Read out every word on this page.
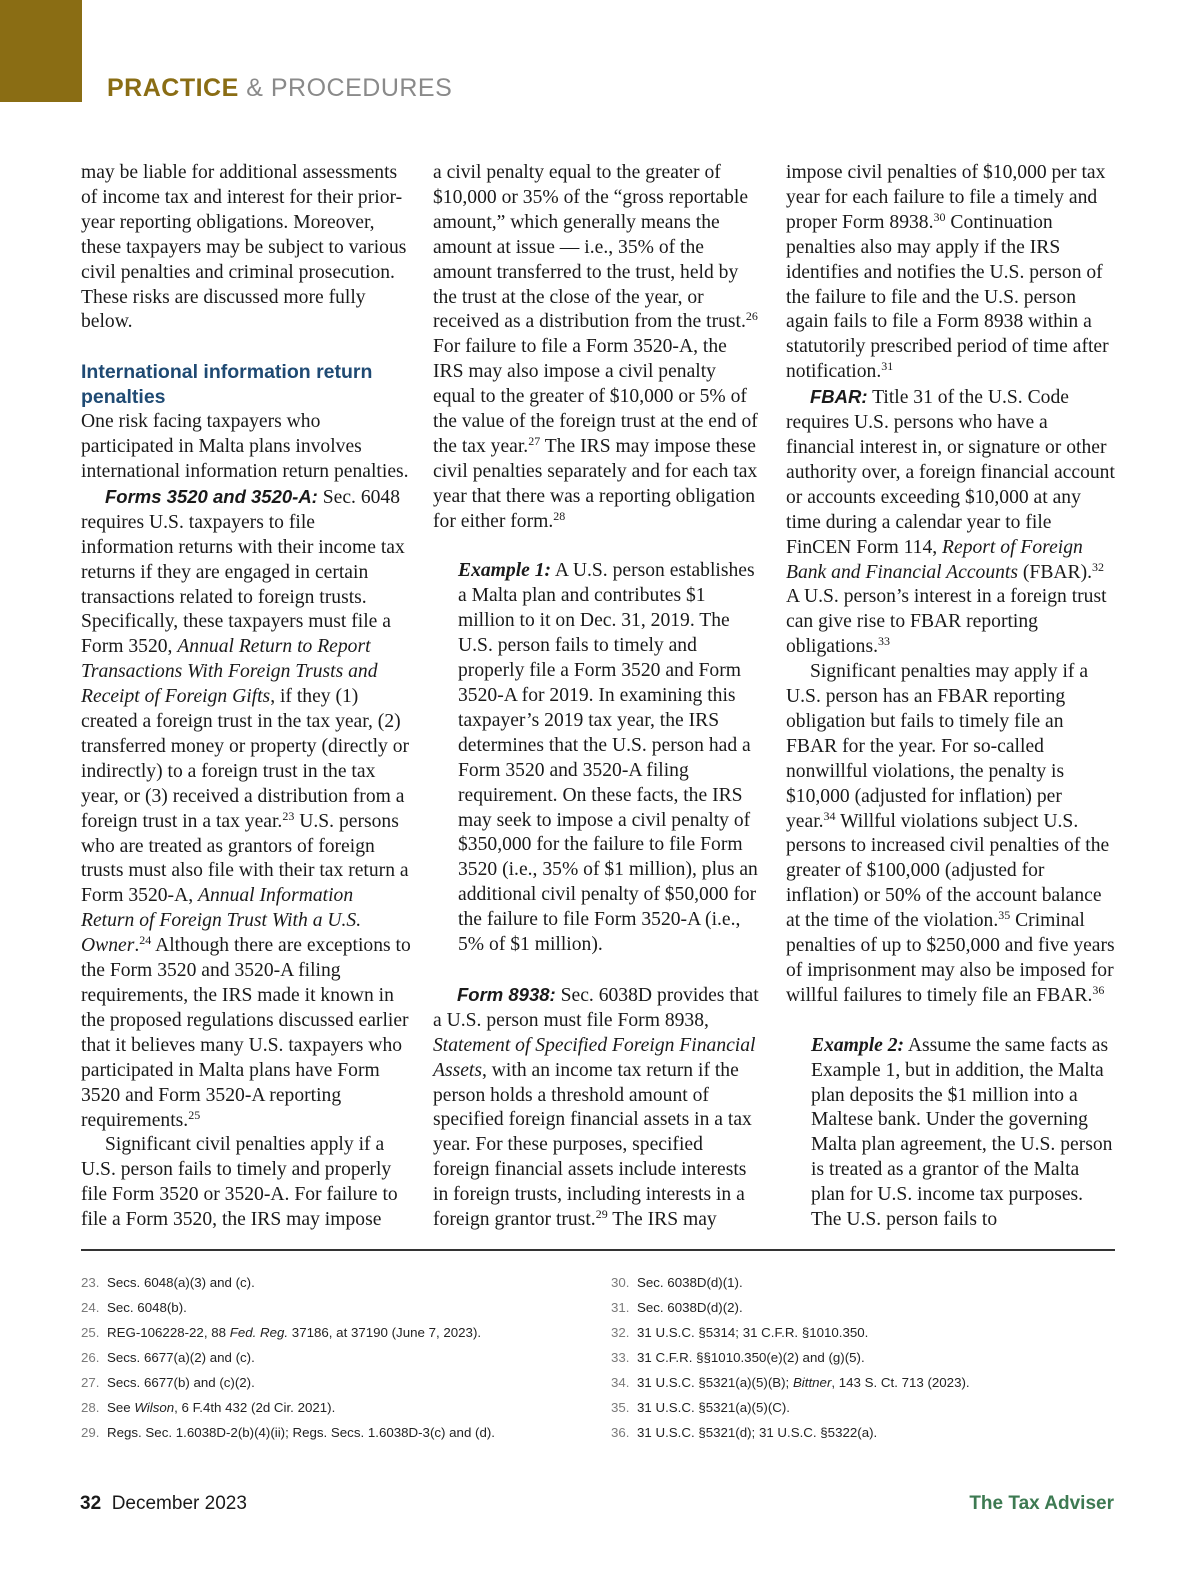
PRACTICE & PROCEDURES

may be liable for additional assessments of income tax and interest for their prior-year reporting obligations. Moreover, these taxpayers may be subject to various civil penalties and criminal prosecution. These risks are discussed more fully below.

International information return penalties

One risk facing taxpayers who participated in Malta plans involves international information return penalties.

Forms 3520 and 3520-A: Sec. 6048 requires U.S. taxpayers to file information returns with their income tax returns if they are engaged in certain transactions related to foreign trusts. Specifically, these taxpayers must file a Form 3520, Annual Return to Report Transactions With Foreign Trusts and Receipt of Foreign Gifts, if they (1) created a foreign trust in the tax year, (2) transferred money or property (directly or indirectly) to a foreign trust in the tax year, or (3) received a distribution from a foreign trust in a tax year.$^{23}$ U.S. persons who are treated as grantors of foreign trusts must also file with their tax return a Form 3520-A, Annual Information Return of Foreign Trust With a U.S. Owner.$^{24}$ Although there are exceptions to the Form 3520 and 3520-A filing requirements, the IRS made it known in the proposed regulations discussed earlier that it believes many U.S. taxpayers who participated in Malta plans have Form 3520 and Form 3520-A reporting requirements.$^{25}$

Significant civil penalties apply if a U.S. person fails to timely and properly file Form 3520 or 3520-A. For failure to file a Form 3520, the IRS may impose

a civil penalty equal to the greater of $10,000 or 35% of the “gross reportable amount,” which generally means the amount at issue — i.e., 35% of the amount transferred to the trust, held by the trust at the close of the year, or received as a distribution from the trust.$^{26}$ For failure to file a Form 3520-A, the IRS may also impose a civil penalty equal to the greater of $10,000 or 5% of the value of the foreign trust at the end of the tax year.$^{27}$ The IRS may impose these civil penalties separately and for each tax year that there was a reporting obligation for either form.$^{28}$

Example 1: A U.S. person establishes a Malta plan and contributes $1 million to it on Dec. 31, 2019. The U.S. person fails to timely and properly file a Form 3520 and Form 3520-A for 2019. In examining this taxpayer’s 2019 tax year, the IRS determines that the U.S. person had a Form 3520 and 3520-A filing requirement. On these facts, the IRS may seek to impose a civil penalty of $350,000 for the failure to file Form 3520 (i.e., 35% of $1 million), plus an additional civil penalty of $50,000 for the failure to file Form 3520-A (i.e., 5% of $1 million).

Form 8938: Sec. 6038D provides that a U.S. person must file Form 8938, Statement of Specified Foreign Financial Assets, with an income tax return if the person holds a threshold amount of specified foreign financial assets in a tax year. For these purposes, specified foreign financial assets include interests in foreign trusts, including interests in a foreign grantor trust.$^{29}$ The IRS may

impose civil penalties of $10,000 per tax year for each failure to file a timely and proper Form 8938.30 Continuation penalties also may apply if the IRS identifies and notifies the U.S. person of the failure to file and the U.S. person again fails to file a Form 8938 within a statutorily prescribed period of time after notification.$^{31}$

FBAR: Title 31 of the U.S. Code requires U.S. persons who have a financial interest in, or signature or other authority over, a foreign financial account or accounts exceeding $10,000 at any time during a calendar year to file FinCEN Form 114, Report of Foreign Bank and Financial Accounts (FBAR).$^{32}$ A U.S. person’s interest in a foreign trust can give rise to FBAR reporting obligations.$^{33}$

Significant penalties may apply if a U.S. person has an FBAR reporting obligation but fails to timely file an FBAR for the year. For so-called nonwillful violations, the penalty is $10,000 (adjusted for inflation) per year.$^{34}$ Willful violations subject U.S. persons to increased civil penalties of the greater of $100,000 (adjusted for inflation) or 50% of the account balance at the time of the violation.$^{35}$ Criminal penalties of up to $250,000 and five years of imprisonment may also be imposed for willful failures to timely file an FBAR.$^{36}$

Example 2: Assume the same facts as Example 1, but in addition, the Malta plan deposits the $1 million into a Maltese bank. Under the governing Malta plan agreement, the U.S. person is treated as a grantor of the Malta plan for U.S. income tax purposes. The U.S. person fails to

23. Secs. 6048(a)(3) and (c).
24. Sec. 6048(b).
25. REG-106228-22, 88 Fed. Reg. 37186, at 37190 (June 7, 2023).
26. Secs. 6677(a)(2) and (c).
27. Secs. 6677(b) and (c)(2).
28. See Wilson, 6 F.4th 432 (2d Cir. 2021).
29. Regs. Sec. 1.6038D-2(b)(4)(ii); Regs. Secs. 1.6038D-3(c) and (d).
30. Sec. 6038D(d)(1).
31. Sec. 6038D(d)(2).
32. 31 U.S.C. §5314; 31 C.F.R. §1010.350.
33. 31 C.F.R. §§1010.350(e)(2) and (g)(5).
34. 31 U.S.C. §5321(a)(5)(B); Bittner, 143 S. Ct. 713 (2023).
35. 31 U.S.C. §5321(a)(5)(C).
36. 31 U.S.C. §5321(d); 31 U.S.C. §5322(a).
32 December 2023	The Tax Adviser
